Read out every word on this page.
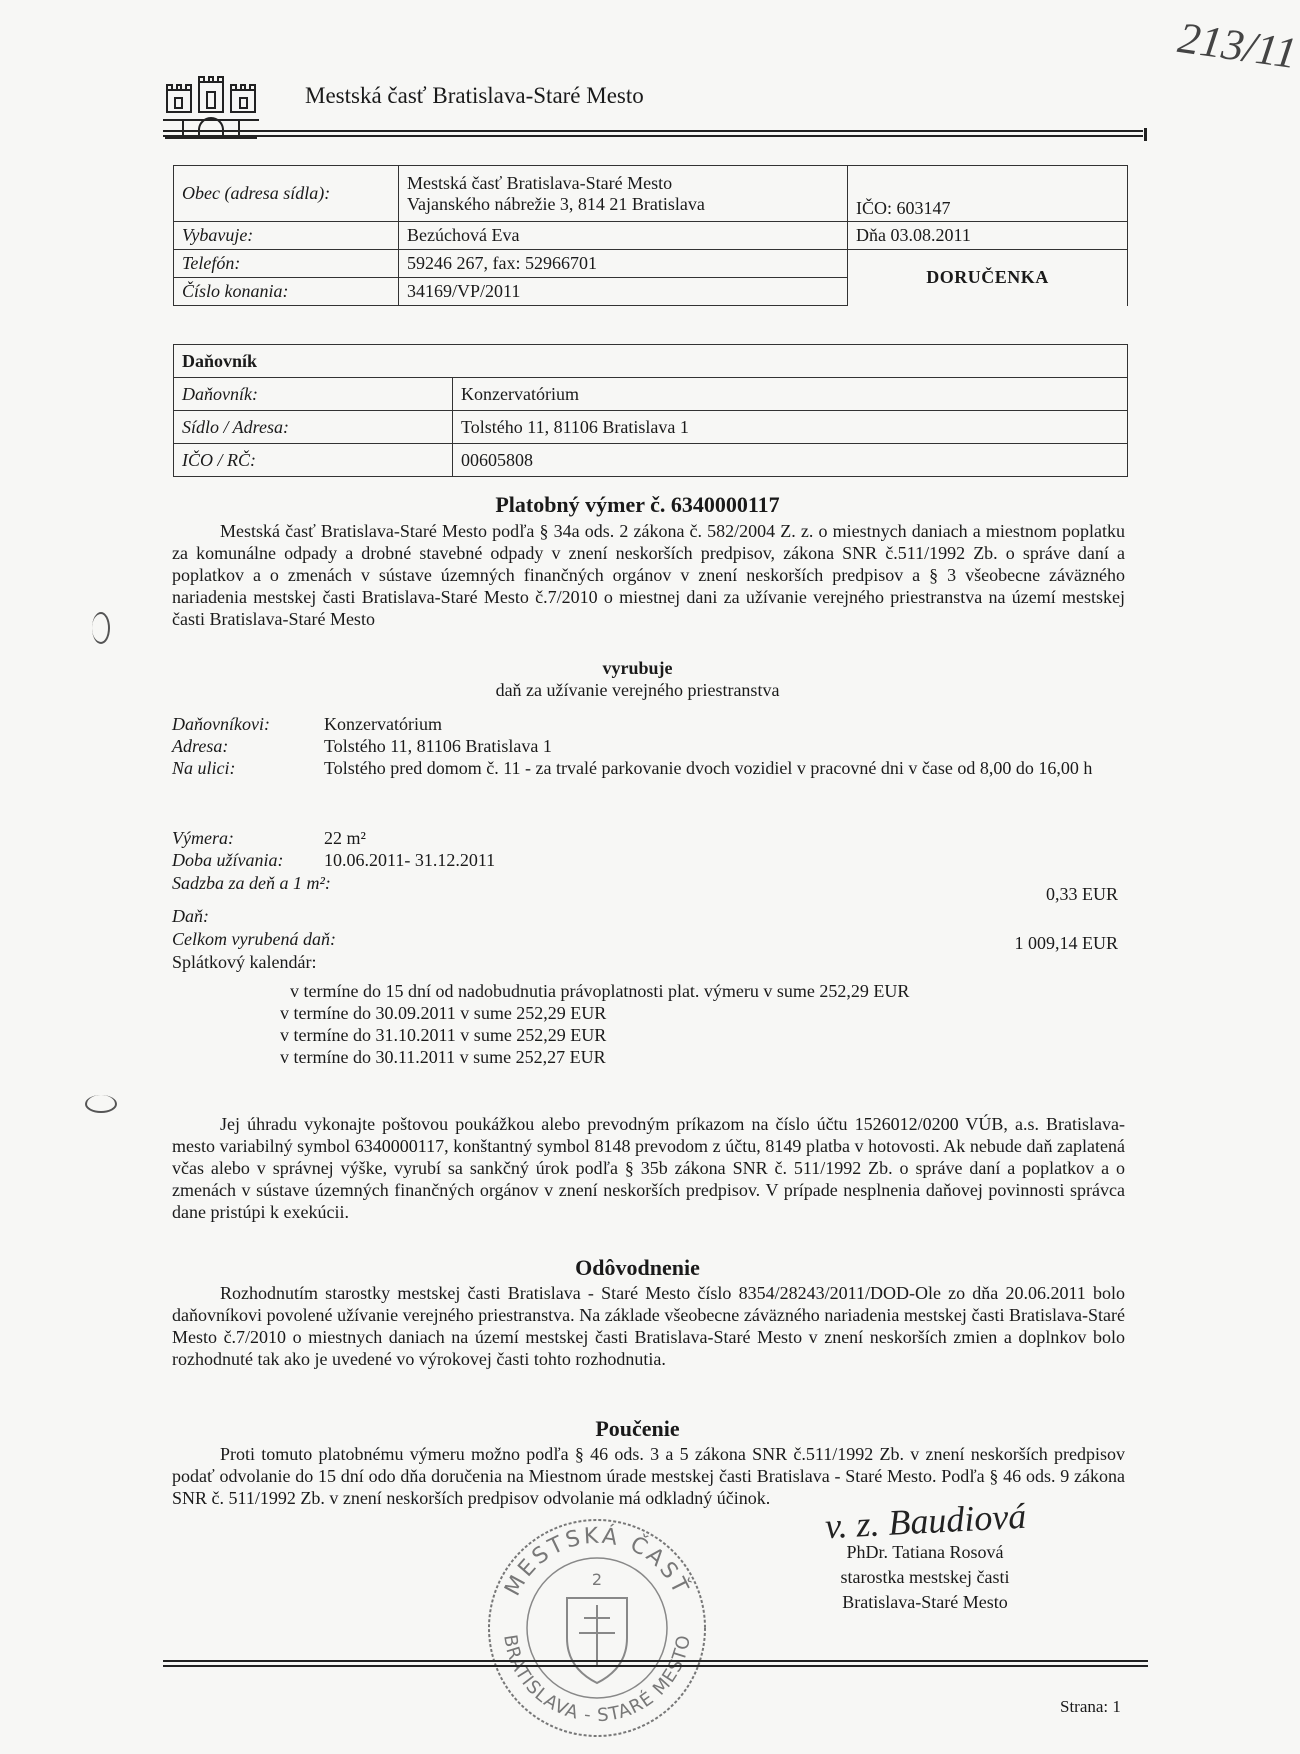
Mestská časť Bratislava-Staré Mesto
213/11
Obec (adresa sídla):	Mestská časť Bratislava-Staré Mesto
Vajanského nábrežie 3, 814 21 Bratislava	IČO: 603147
Vybavuje:	Bezúchová Eva	Dňa 03.08.2011
Telefón:	59246 267, fax: 52966701	DORUČENKA
Číslo konania:	34169/VP/2011	
Daňovník	
Daňovník:	Konzervatórium
Sídlo / Adresa:	Tolstého 11, 81106 Bratislava 1
IČO / RČ:	00605808
Platobný výmer č. 6340000117

Mestská časť Bratislava-Staré Mesto podľa § 34a ods. 2 zákona č. 582/2004 Z. z. o miestnych daniach a miestnom poplatku za komunálne odpady a drobné stavebné odpady v znení neskorších predpisov, zákona SNR č.511/1992 Zb. o správe daní a poplatkov a o zmenách v sústave územných finančných orgánov v znení neskorších predpisov a § 3 všeobecne záväzného nariadenia mestskej časti Bratislava-Staré Mesto č.7/2010 o miestnej dani za užívanie verejného priestranstva na území mestskej časti Bratislava-Staré Mesto

vyrubuje
daň za užívanie verejného priestranstva
Daňovníkovi:	Konzervatórium
Adresa:	Tolstého 11, 81106 Bratislava 1
Na ulici:	Tolstého pred domom č. 11 - za trvalé parkovanie dvoch vozidiel v pracovné dni v čase od 8,00 do 16,00 h
Výmera:	22 m²
Doba užívania: 10.06.2011- 31.12.2011
Sadzba za deň a 1 m²:
0,33 EUR
Daň:
Celkom vyrubená daň:	1 009,14 EUR
Splátkový kalendár:
v termíne do 15 dní od nadobudnutia právoplatnosti plat. výmeru v sume 252,29 EUR
v termíne do 30.09.2011 v sume 252,29 EUR
v termíne do 31.10.2011 v sume 252,29 EUR
v termíne do 30.11.2011 v sume 252,27 EUR

Jej úhradu vykonajte poštovou poukážkou alebo prevodným príkazom na číslo účtu 1526012/0200 VÚB, a.s. Bratislava-mesto variabilný symbol 6340000117, konštantný symbol 8148 prevodom z účtu, 8149 platba v hotovosti. Ak nebude daň zaplatená včas alebo v správnej výške, vyrubí sa sankčný úrok podľa § 35b zákona SNR č. 511/1992 Zb. o správe daní a poplatkov a o zmenách v sústave územných finančných orgánov v znení neskorších predpisov. V prípade nesplnenia daňovej povinnosti správca dane pristúpi k exekúcii.

Odôvodnenie

Rozhodnutím starostky mestskej časti Bratislava - Staré Mesto číslo 8354/28243/2011/DOD-Ole zo dňa 20.06.2011 bolo daňovníkovi povolené užívanie verejného priestranstva. Na základe všeobecne záväzného nariadenia mestskej časti Bratislava-Staré Mesto č.7/2010 o miestnych daniach na území mestskej časti Bratislava-Staré Mesto v znení neskorších zmien a doplnkov bolo rozhodnuté tak ako je uvedené vo výrokovej časti tohto rozhodnutia.

Poučenie

Proti tomuto platobnému výmeru možno podľa § 46 ods. 3 a 5 zákona SNR č.511/1992 Zb. v znení neskorších predpisov podať odvolanie do 15 dní odo dňa doručenia na Miestnom úrade mestskej časti Bratislava - Staré Mesto. Podľa § 46 ods. 9 zákona SNR č. 511/1992 Zb. v znení neskorších predpisov odvolanie má odkladný účinok.	v. z. Baudiová
PhDr. Tatiana Rosová
starostka mestskej časti
Bratislava-Staré Mesto
MESTSKÁ ČASŤ
BRATISLAVA - STARÉ MESTO
2
Strana: 1
